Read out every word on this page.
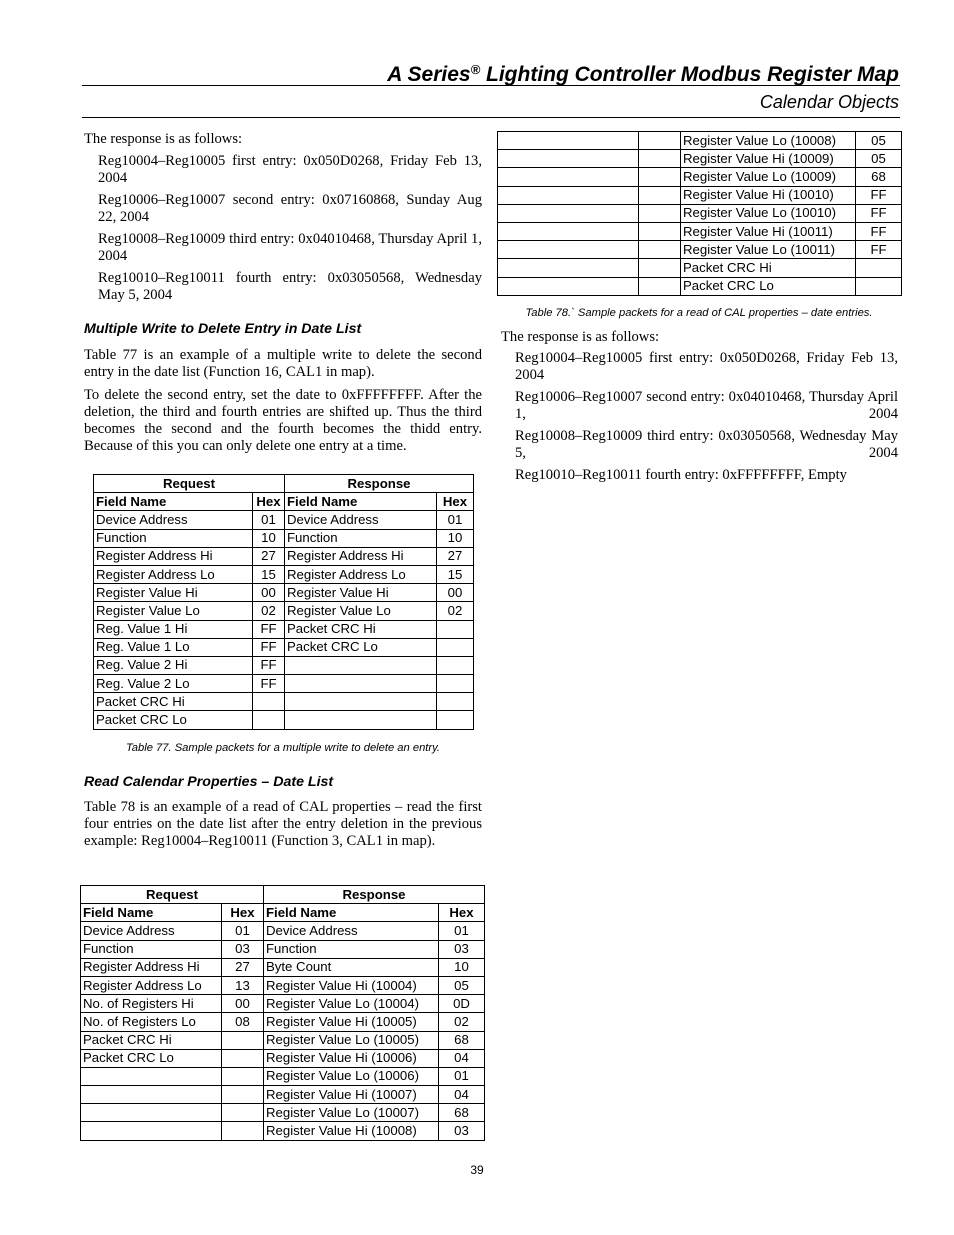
A Series® Lighting Controller Modbus Register Map
Calendar Objects
The response is as follows:
Reg10004–Reg10005 first entry: 0x050D0268, Friday Feb 13, 2004
Reg10006–Reg10007 second entry: 0x07160868, Sunday Aug 22, 2004
Reg10008–Reg10009 third entry: 0x04010468, Thursday April 1, 2004
Reg10010–Reg10011 fourth entry: 0x03050568, Wednesday May 5, 2004
Multiple Write to Delete Entry in Date List
Table 77 is an example of a multiple write to delete the second entry in the date list (Function 16, CAL1 in map).
To delete the second entry, set the date to 0xFFFFFFFF. After the deletion, the third and fourth entries are shifted up. Thus the third becomes the second and the fourth becomes the thidd entry. Because of this you can only delete one entry at a time.
Request		Response	
Field Name	Hex	Field Name	Hex
Device Address	01	Device Address	01
Function	10	Function	10
Register Address Hi	27	Register Address Hi	27
Register Address Lo	15	Register Address Lo	15
Register Value Hi	00	Register Value Hi	00
Register Value Lo	02	Register Value Lo	02
Reg. Value 1 Hi	FF	Packet CRC Hi	
Reg. Value 1 Lo	FF	Packet CRC Lo	
Reg. Value 2 Hi	FF		
Reg. Value 2 Lo	FF		
Packet CRC Hi			
Packet CRC Lo			
Table 77. Sample packets for a multiple write to delete an entry.
Read Calendar Properties – Date List
Table 78 is an example of a read of CAL properties – read the first four entries on the date list after the entry deletion in the previous example: Reg10004–Reg10011 (Function 3, CAL1 in map).
Request		Response	
Field Name	Hex	Field Name	Hex
Device Address	01	Device Address	01
Function	03	Function	03
Register Address Hi	27	Byte Count	10
Register Address Lo	13	Register Value Hi (10004)	05
No. of Registers Hi	00	Register Value Lo (10004)	0D
No. of Registers Lo	08	Register Value Hi (10005)	02
Packet CRC Hi		Register Value Lo (10005)	68
Packet CRC Lo		Register Value Hi (10006)	04
		Register Value Lo (10006)	01
		Register Value Hi (10007)	04
		Register Value Lo (10007)	68
		Register Value Hi (10008)	03
		Register Value Lo (10008)	05
		Register Value Hi (10009)	05
		Register Value Lo (10009)	68
		Register Value Hi (10010)	FF
		Register Value Lo (10010)	FF
		Register Value Hi (10011)	FF
		Register Value Lo (10011)	FF
		Packet CRC Hi	
		Packet CRC Lo	
Table 78.` Sample packets for a read of CAL properties – date entries.
The response is as follows:
Reg10004–Reg10005 first entry: 0x050D0268, Friday Feb 13, 2004
Reg10006–Reg10007 second entry: 0x04010468, Thursday April 1, 2004
Reg10008–Reg10009 third entry: 0x03050568, Wednesday May 5, 2004
Reg10010–Reg10011 fourth entry: 0xFFFFFFFF, Empty
39
